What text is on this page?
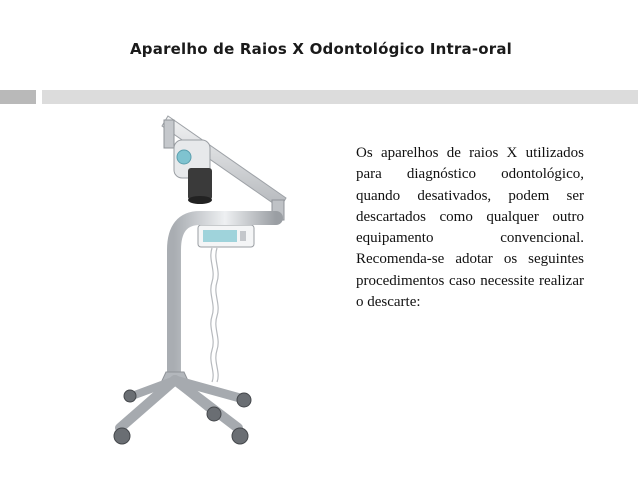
Aparelho de Raios X Odontológico Intra-oral
Os aparelhos de raios X utilizados para diagnóstico odontológico, quando desativados, podem ser descartados como qualquer outro equipamento convencional. Recomenda-se adotar os seguintes procedimentos caso necessite realizar o descarte:
